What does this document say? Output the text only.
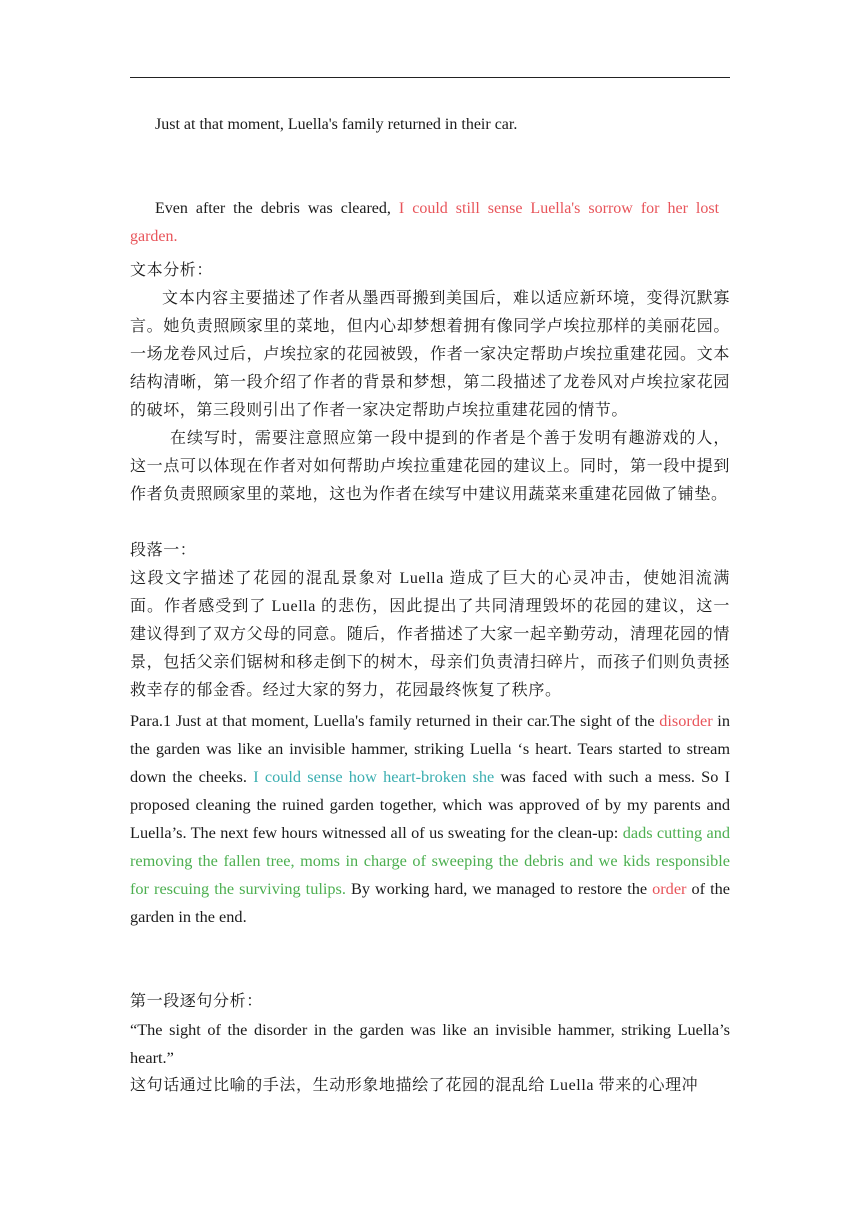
Just at that moment, Luella's family returned in their car.
Even after the debris was cleared, I could still sense Luella's sorrow for her lost garden.
文本分析：
文本内容主要描述了作者从墨西哥搬到美国后，难以适应新环境，变得沉默寡言。她负责照顾家里的菜地，但内心却梦想着拥有像同学卢埃拉那样的美丽花园。一场龙卷风过后，卢埃拉家的花园被毁，作者一家决定帮助卢埃拉重建花园。文本结构清晰，第一段介绍了作者的背景和梦想，第二段描述了龙卷风对卢埃拉家花园的破坏，第三段则引出了作者一家决定帮助卢埃拉重建花园的情节。
在续写时，需要注意照应第一段中提到的作者是个善于发明有趣游戏的人，这一点可以体现在作者对如何帮助卢埃拉重建花园的建议上。同时，第一段中提到作者负责照顾家里的菜地，这也为作者在续写中建议用蔬菜来重建花园做了铺垫。
段落一：
这段文字描述了花园的混乱景象对 Luella 造成了巨大的心灵冲击，使她泪流满面。作者感受到了 Luella 的悲伤，因此提出了共同清理毁坏的花园的建议，这一建议得到了双方父母的同意。随后，作者描述了大家一起辛勤劳动，清理花园的情景，包括父亲们锯树和移走倒下的树木，母亲们负责清扫碎片，而孩子们则负责拯救幸存的郁金香。经过大家的努力，花园最终恢复了秩序。
Para.1 Just at that moment, Luella's family returned in their car.The sight of the disorder in the garden was like an invisible hammer, striking Luella ‘s heart. Tears started to stream down the cheeks. I could sense how heart-broken she was faced with such a mess. So I proposed cleaning the ruined garden together, which was approved of by my parents and Luella’s. The next few hours witnessed all of us sweating for the clean-up: dads cutting and removing the fallen tree, moms in charge of sweeping the debris and we kids responsible for rescuing the surviving tulips. By working hard, we managed to restore the order of the garden in the end.
第一段逐句分析：
“The sight of the disorder in the garden was like an invisible hammer, striking Luella’s heart.”
这句话通过比喻的手法，生动形象地描绘了花园的混乱给 Luella 带来的心理冲
